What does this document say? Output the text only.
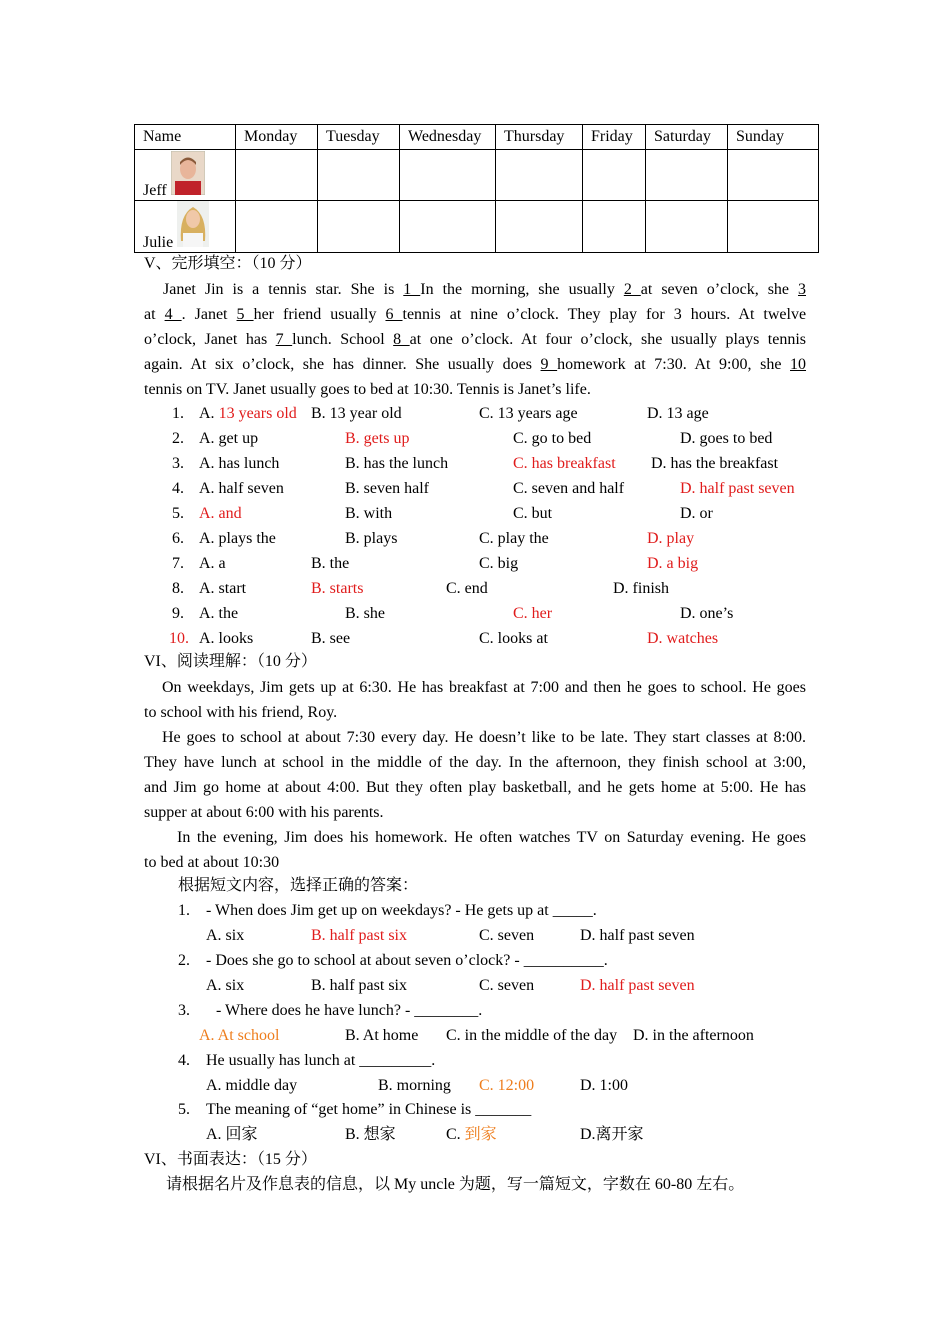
Name	Monday	Tuesday	Wednesday	Thursday	Friday	Saturday	Sunday
Jeff							
Julie							
V、完形填空：（10 分）
Janet Jin is a tennis star. She is 1 In the morning, she usually 2 at seven o’clock, she 3
at 4 . Janet 5 her friend usually 6 tennis at nine o’clock. They play for 3 hours. At twelve
o’clock, Janet has 7 lunch. School 8 at one o’clock. At four o’clock, she usually plays tennis
again. At six o’clock, she has dinner. She usually does 9 homework at 7:30. At 9:00, she 10
tennis on TV. Janet usually goes to bed at 10:30. Tennis is Janet’s life.
1. A. 13 years old B. 13 year old	C. 13 years age	D. 13 age
2. A. get up	B. gets up	C. go to bed	D. goes to bed
3. A. has lunch	B. has the lunch	C. has breakfast D. has the breakfast
4. A. half seven	B. seven half	C. seven and half	D. half past seven
5. A. and	B. with	C. but	D. or
6. A. plays the	B. plays	C. play the	D. play
7. A. a	B. the	C. big	D. a big
8. A. start	B. starts	C. end	D. finish
9. A. the	B. she	C. her	D. one’s
10. A. looks	B. see	C. looks at	D. watches
VI、阅读理解：（10 分）
On weekdays, Jim gets up at 6:30. He has breakfast at 7:00 and then he goes to school. He goes
to school with his friend, Roy.
He goes to school at about 7:30 every day. He doesn’t like to be late. They start classes at 8:00.
They have lunch at school in the middle of the day. In the afternoon, they finish school at 3:00,
and Jim go home at about 4:00. But they often play basketball, and he gets home at 5:00. He has
supper at about 6:00 with his parents.
In the evening, Jim does his homework. He often watches TV on Saturday evening. He goes
to bed at about 10:30
根据短文内容，选择正确的答案：
1. - When does Jim get up on weekdays? - He gets up at _____.
A. six	B. half past six	C. seven	D. half past seven
2. - Does she go to school at about seven o’clock? - __________.
A. six	B. half past six	C. seven	D. half past seven
3. - Where does he have lunch? - ________.
A. At school	B. At home C. in the middle of the day D. in the afternoon
4. He usually has lunch at _________.
A. middle day	B. morning C. 12:00	D. 1:00
5. The meaning of “get home” in Chinese is _______
A. 回家	B. 想家	C. 到家	D.离开家
VI、书面表达：（15 分）
请根据名片及作息表的信息，以 My uncle 为题，写一篇短文，字数在 60-80 左右。
